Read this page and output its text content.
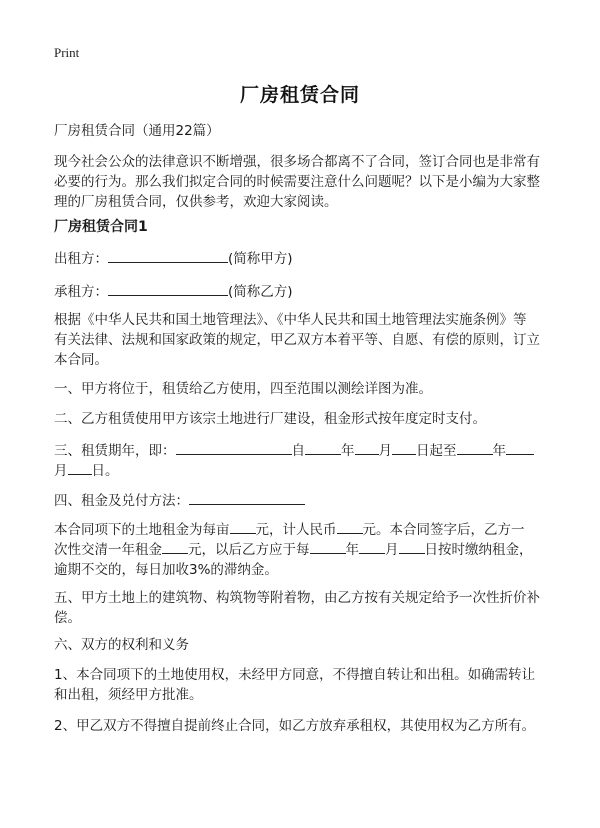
Print
厂房租赁合同
厂房租赁合同（通用22篇）
现今社会公众的法律意识不断增强，很多场合都离不了合同，签订合同也是非常有
必要的行为。那么我们拟定合同的时候需要注意什么问题呢？以下是小编为大家整
理的厂房租赁合同，仅供参考，欢迎大家阅读。
厂房租赁合同1
出租方：	(简称甲方)
承租方：	(简称乙方)
根据《中华人民共和国土地管理法》、《中华人民共和国土地管理法实施条例》等
有关法律、法规和国家政策的规定，甲乙双方本着平等、自愿、有偿的原则，订立
本合同。
一、甲方将位于，租赁给乙方使用，四至范围以测绘详图为准。
二、乙方租赁使用甲方该宗土地进行厂建设，租金形式按年度定时支付。
三、租赁期年，即：	自	年 月 日起至	年
月 日。
四、租金及兑付方法：
本合同项下的土地租金为每亩 元，计人民币 元。本合同签字后，乙方一
次性交清一年租金 元，以后乙方应于每	年 月 日按时缴纳租金，
逾期不交的，每日加收3%的滞纳金。
五、甲方土地上的建筑物、构筑物等附着物，由乙方按有关规定给予一次性折价补
偿。
六、双方的权利和义务
1、本合同项下的土地使用权，未经甲方同意，不得擅自转让和出租。如确需转让
和出租，须经甲方批准。
2、甲乙双方不得擅自提前终止合同，如乙方放弃承租权，其使用权为乙方所有。
